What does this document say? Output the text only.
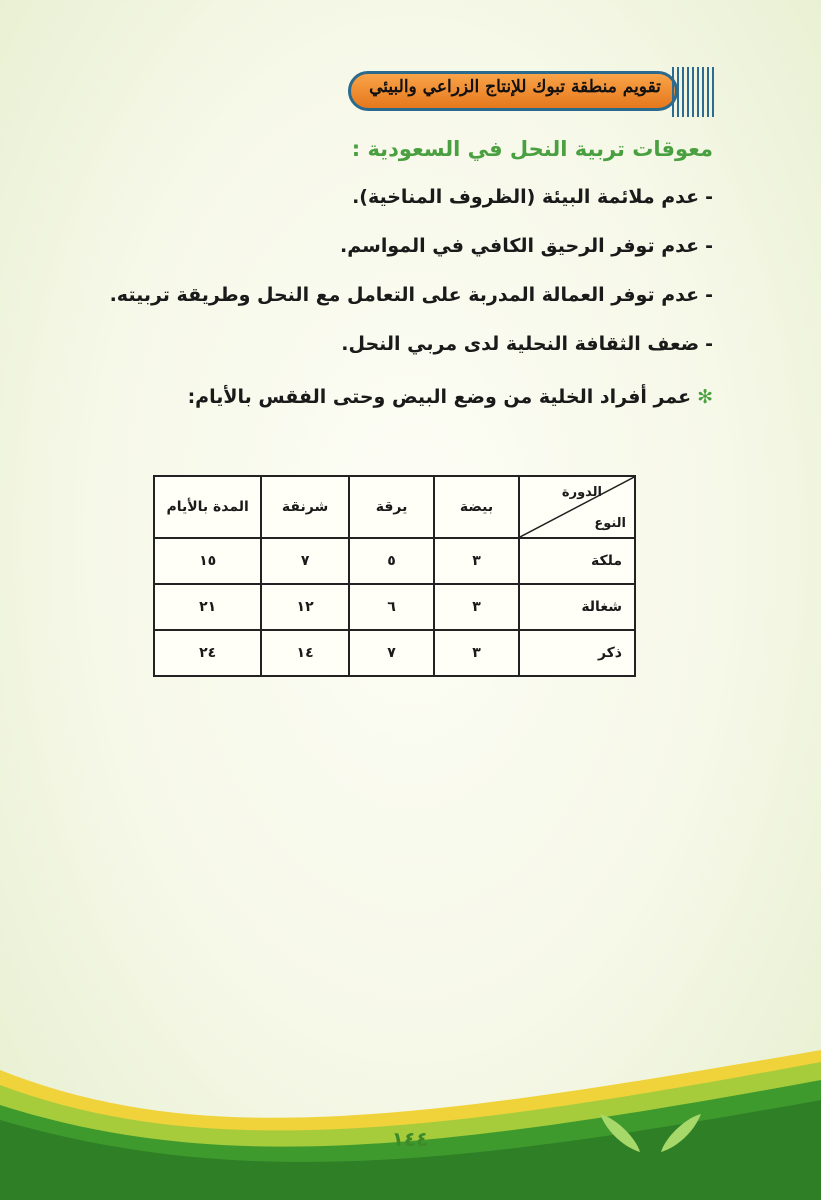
تقويم منطقة تبوك للإنتاج الزراعي والبيئي
معوقات تربية النحل في السعودية :
-عدم ملائمة البيئة (الظروف المناخية).
-عدم توفر الرحيق الكافي في المواسم.
-عدم توفر العمالة المدربة على التعامل مع النحل وطريقة تربيته.
-ضعف الثقافة النحلية لدى مربي النحل.
✻عمر أفراد الخلية من وضع البيض وحتى الفقس بالأيام:
الدورة
النوع	بيضة	يرقة	شرنقة	المدة بالأيام
ملكة	٣	٥	٧	١٥
شغالة	٣	٦	١٢	٢١
ذكر	٣	٧	١٤	٢٤
١٤٤
